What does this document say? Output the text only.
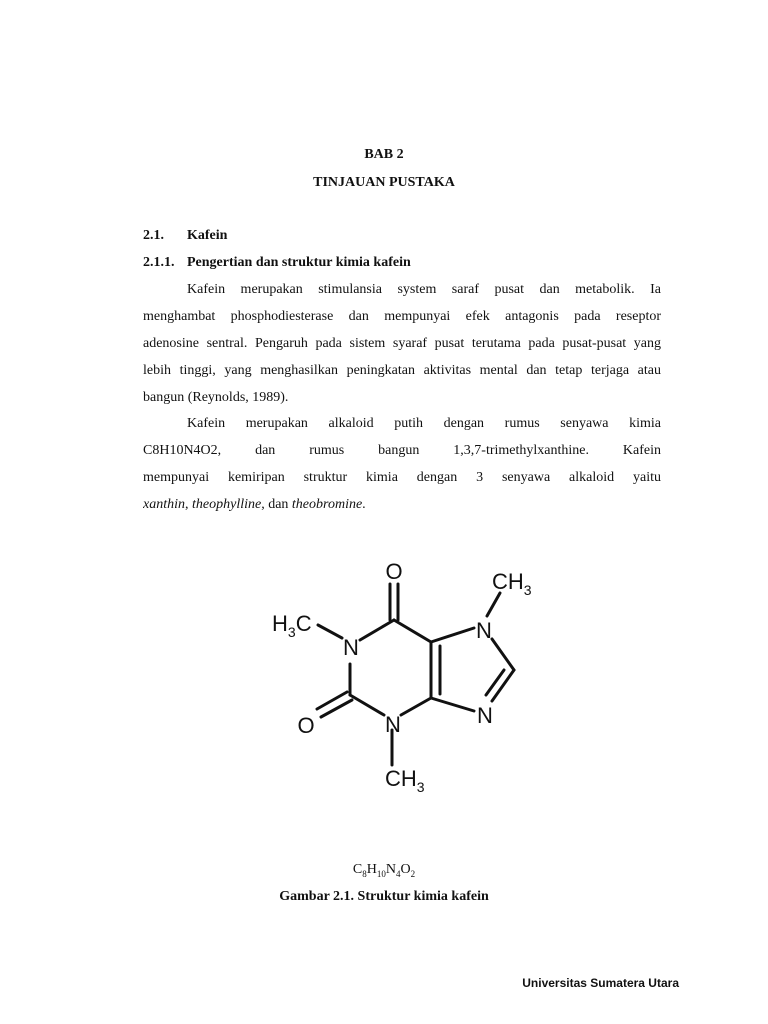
BAB 2
TINJAUAN PUSTAKA
2.1. Kafein
2.1.1. Pengertian dan struktur kimia kafein
Kafein merupakan stimulansia system saraf pusat dan metabolik. Ia
menghambat phosphodiesterase dan mempunyai efek antagonis pada reseptor
adenosine sentral. Pengaruh pada sistem syaraf pusat terutama pada pusat-pusat yang
lebih tinggi, yang menghasilkan peningkatan aktivitas mental dan tetap terjaga atau
bangun (Reynolds, 1989).
Kafein merupakan alkaloid putih dengan rumus senyawa kimia
C8H10N4O2, dan rumus bangun 1,3,7-trimethylxanthine. Kafein
mempunyai kemiripan struktur kimia dengan 3 senyawa alkaloid yaitu
xanthin, theophylline, dan theobromine.
O	$CH_3$
$H_3C$
N
N
N
N
O
$CH_3$
$C_8H_{10}N_4O_2$
Gambar 2.1. Struktur kimia kafein
Universitas Sumatera Utara
